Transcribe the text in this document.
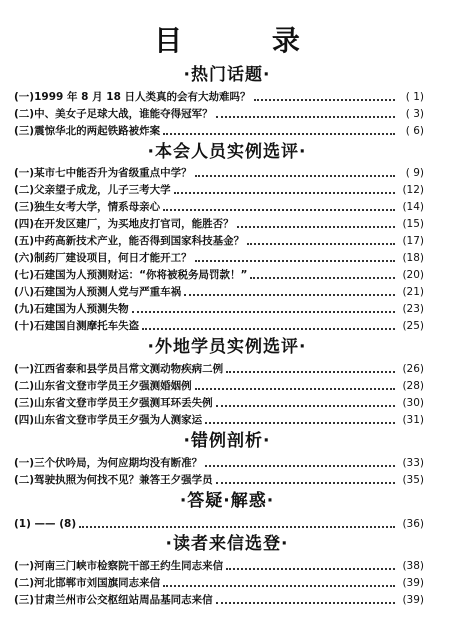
目 录
·热门话题·
(一) 1999 年 8 月 18 日人类真的会有大劫难吗？	( 1)
(二) 中、美女子足球大战，谁能夺得冠军？	( 3)
(三) 震惊华北的两起铁路被炸案	( 6)
·本会人员实例选评·
(一) 某市七中能否升为省级重点中学？	( 9)
(二) 父亲望子成龙，儿子三考大学	(12)
(三) 独生女考大学，情系母亲心	(14)
(四) 在开发区建厂，为买地皮打官司，能胜否？	(15)
(五) 中药高新技术产业，能否得到国家科技基金？	(17)
(六) 制药厂建设项目，何日才能开工？	(18)
(七) 石建国为人预测财运：“你将被税务局罚款！”	(20)
(八) 石建国为人预测人党与严重车祸	(21)
(九) 石建国为人预测失物	(23)
(十) 石建国自测摩托车失盗	(25)
·外地学员实例选评·
(一) 江西省泰和县学员吕常文测动物疾病二例	(26)
(二) 山东省文登市学员王夕强测婚姻例	(28)
(三) 山东省文登市学员王夕强测耳环丢失例	(30)
(四) 山东省文登市学员王夕强为人测家运	(31)
·错例剖析·
(一) 三个伏吟局，为何应期均没有断准？	(33)
(二) 驾驶执照为何找不见？兼答王夕强学员	(35)
·答疑·解惑·
(1) —— (8)	(36)
·读者来信选登·
(一) 河南三门峡市检察院干部王约生同志来信	(38)
(二) 河北邯郸市刘国旗同志来信	(39)
(三) 甘肃兰州市公交枢纽站周品基同志来信	(39)
